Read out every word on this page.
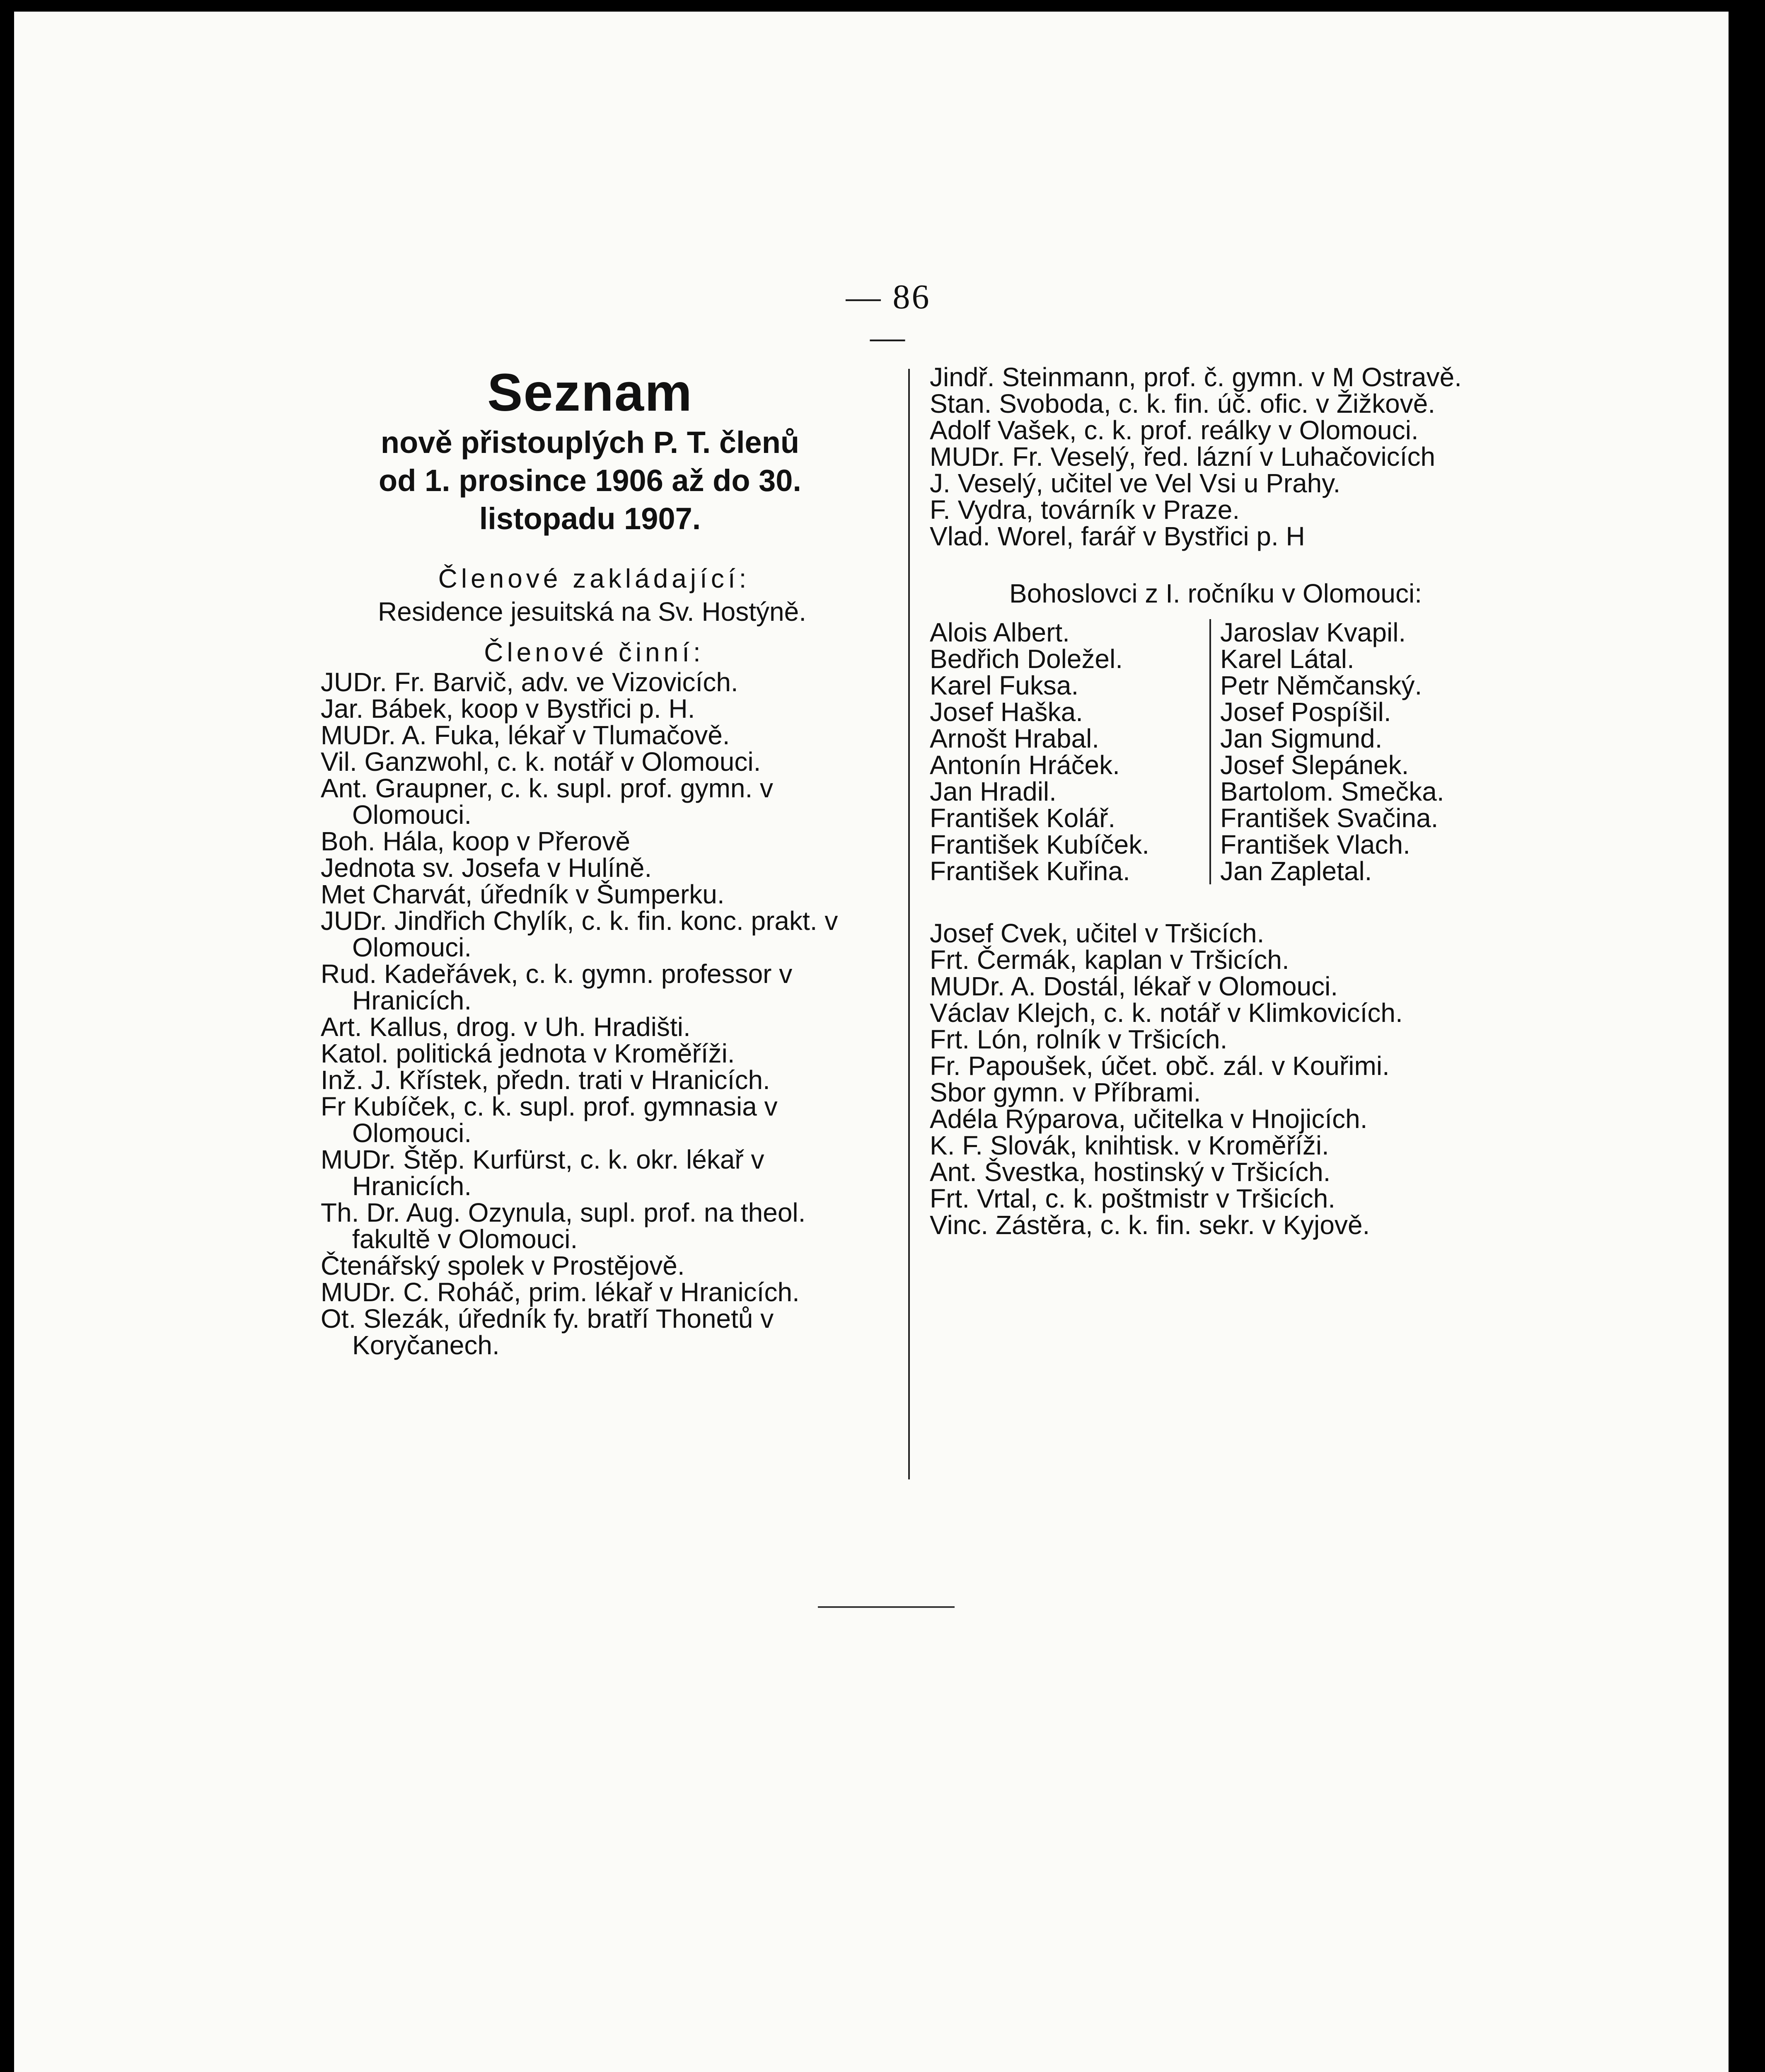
— 86 —
Seznam
nově přistouplých P. T. členů
od 1. prosince 1906 až do 30.
listopadu 1907.
Členové zakládající:
Residence jesuitská na Sv. Hostýně.
Členové činní:
JUDr. Fr. Barvič, adv. ve Vizovicích.
Jar. Bábek, koop v Bystřici p. H.
MUDr. A. Fuka, lékař v Tlumačově.
Vil. Ganzwohl, c. k. notář v Olomouci.
Ant. Graupner, c. k. supl. prof. gymn. v Olomouci.
Boh. Hála, koop v Přerově
Jednota sv. Josefa v Hulíně.
Met Charvát, úředník v Šumperku.
JUDr. Jindřich Chylík, c. k. fin. konc. prakt. v Olomouci.
Rud. Kadeřávek, c. k. gymn. professor v Hranicích.
Art. Kallus, drog. v Uh. Hradišti.
Katol. politická jednota v Kroměříži.
Inž. J. Křístek, předn. trati v Hranicích.
Fr Kubíček, c. k. supl. prof. gymnasia v Olomouci.
MUDr. Štěp. Kurfürst, c. k. okr. lékař v Hranicích.
Th. Dr. Aug. Ozynula, supl. prof. na theol. fakultě v Olomouci.
Čtenářský spolek v Prostějově.
MUDr. C. Roháč, prim. lékař v Hranicích.
Ot. Slezák, úředník fy. bratří Thonetů v Koryčanech.
Jindř. Steinmann, prof. č. gymn. v M Ostravě.
Stan. Svoboda, c. k. fin. úč. ofic. v Žižkově.
Adolf Vašek, c. k. prof. reálky v Olomouci.
MUDr. Fr. Veselý, řed. lázní v Luhačovicích
J. Veselý, učitel ve Vel Vsi u Prahy.
F. Vydra, továrník v Praze.
Vlad. Worel, farář v Bystřici p. H
Bohoslovci z I. ročníku v Olomouci:
Alois Albert.
Bedřich Doležel.
Karel Fuksa.
Josef Haška.
Arnošt Hrabal.
Antonín Hráček.
Jan Hradil.
František Kolář.
František Kubíček.
František Kuřina.
Jaroslav Kvapil.
Karel Látal.
Petr Němčanský.
Josef Pospíšil.
Jan Sigmund.
Josef Slepánek.
Bartolom. Smečka.
František Svačina.
František Vlach.
Jan Zapletal.
Josef Cvek, učitel v Tršicích.
Frt. Čermák, kaplan v Tršicích.
MUDr. A. Dostál, lékař v Olomouci.
Václav Klejch, c. k. notář v Klimkovicích.
Frt. Lón, rolník v Tršicích.
Fr. Papoušek, účet. obč. zál. v Kouřimi.
Sbor gymn. v Příbrami.
Adéla Rýparova, učitelka v Hnojicích.
K. F. Slovák, knihtisk. v Kroměříži.
Ant. Švestka, hostinský v Tršicích.
Frt. Vrtal, c. k. poštmistr v Tršicích.
Vinc. Zástěra, c. k. fin. sekr. v Kyjově.
